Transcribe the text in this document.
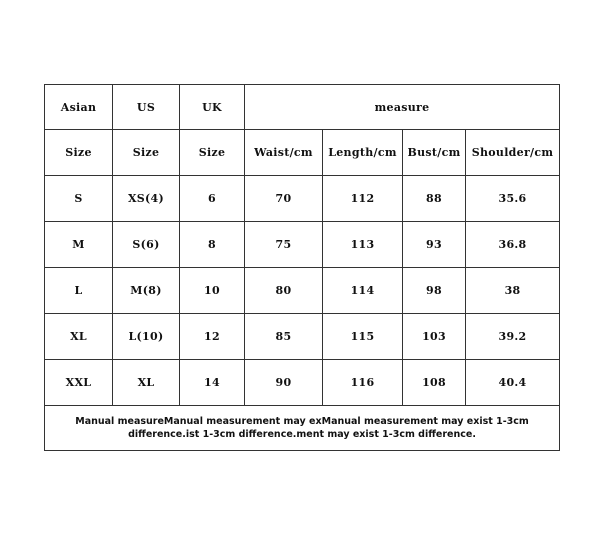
Asian	US	UK	measure			
Size	Size	Size	Waist/cm	Length/cm	Bust/cm	Shoulder/cm
S	XS(4)	6	70	112	88	35.6
M	S(6)	8	75	113	93	36.8
L	M(8)	10	80	114	98	38
XL	L(10)	12	85	115	103	39.2
XXL	XL	14	90	116	108	40.4
Manual measureManual measurement may exManual measurement may exist 1-3cm difference.ist 1-3cm difference.ment may exist 1-3cm difference.						
